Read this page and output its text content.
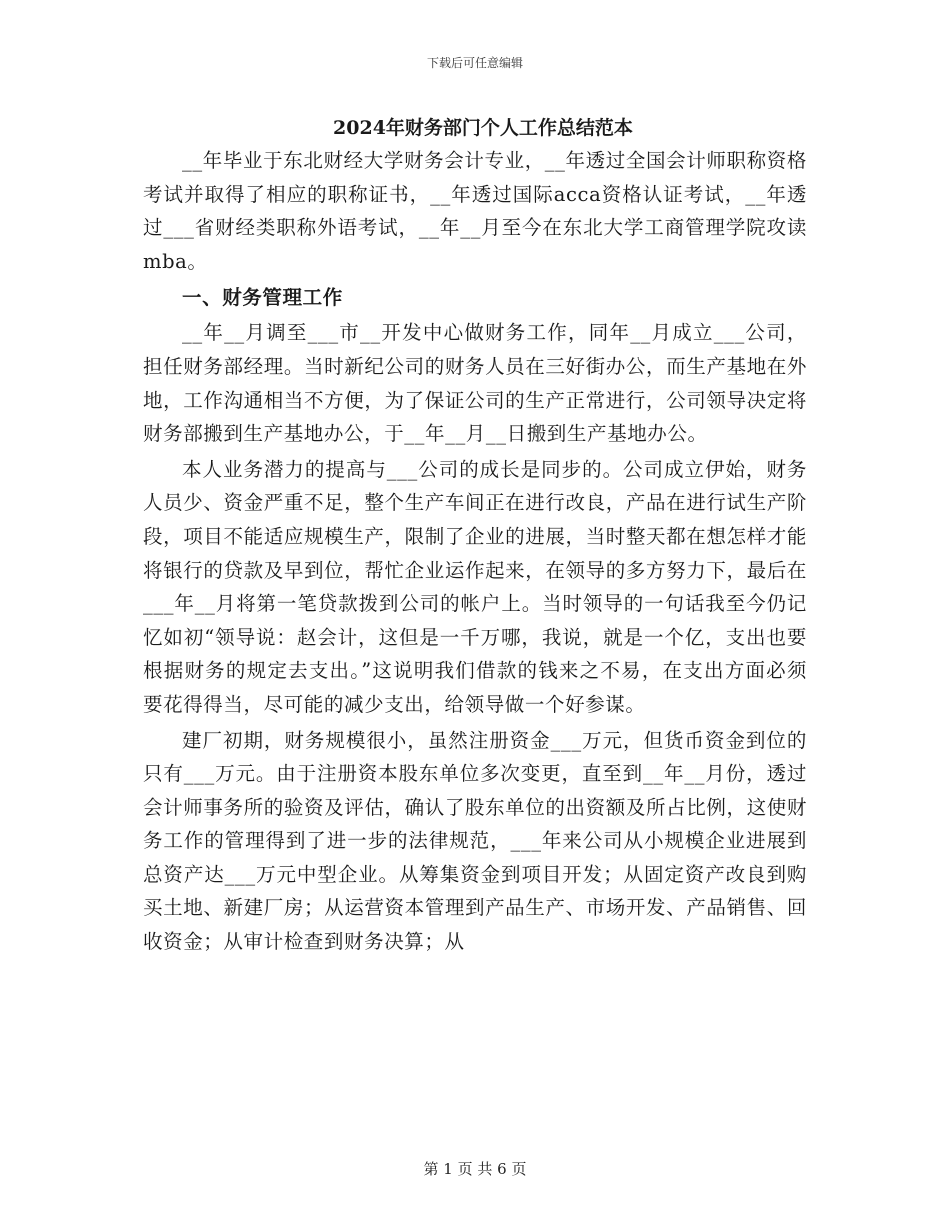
下载后可任意编辑
2024年财务部门个人工作总结范本

__年毕业于东北财经大学财务会计专业，__年透过全国会计师职称资格考试并取得了相应的职称证书，__年透过国际acca资格认证考试，__年透过___省财经类职称外语考试，__年__月至今在东北大学工商管理学院攻读mba。

一、财务管理工作

__年__月调至___市__开发中心做财务工作，同年__月成立___公司，担任财务部经理。当时新纪公司的财务人员在三好街办公，而生产基地在外地，工作沟通相当不方便，为了保证公司的生产正常进行，公司领导决定将财务部搬到生产基地办公，于__年__月__日搬到生产基地办公。

本人业务潜力的提高与___公司的成长是同步的。公司成立伊始，财务人员少、资金严重不足，整个生产车间正在进行改良，产品在进行试生产阶段，项目不能适应规模生产，限制了企业的进展，当时整天都在想怎样才能将银行的贷款及早到位，帮忙企业运作起来，在领导的多方努力下，最后在___年__月将第一笔贷款拨到公司的帐户上。当时领导的一句话我至今仍记忆如初“领导说：赵会计，这但是一千万哪，我说，就是一个亿，支出也要根据财务的规定去支出。”这说明我们借款的钱来之不易，在支出方面必须要花得得当，尽可能的减少支出，给领导做一个好参谋。

建厂初期，财务规模很小，虽然注册资金___万元，但货币资金到位的只有___万元。由于注册资本股东单位多次变更，直至到__年__月份，透过会计师事务所的验资及评估，确认了股东单位的出资额及所占比例，这使财务工作的管理得到了进一步的法律规范，___年来公司从小规模企业进展到总资产达___万元中型企业。从筹集资金到项目开发；从固定资产改良到购买土地、新建厂房；从运营资本管理到产品生产、市场开发、产品销售、回收资金；从审计检查到财务决算；从

第 1 页 共 6 页
